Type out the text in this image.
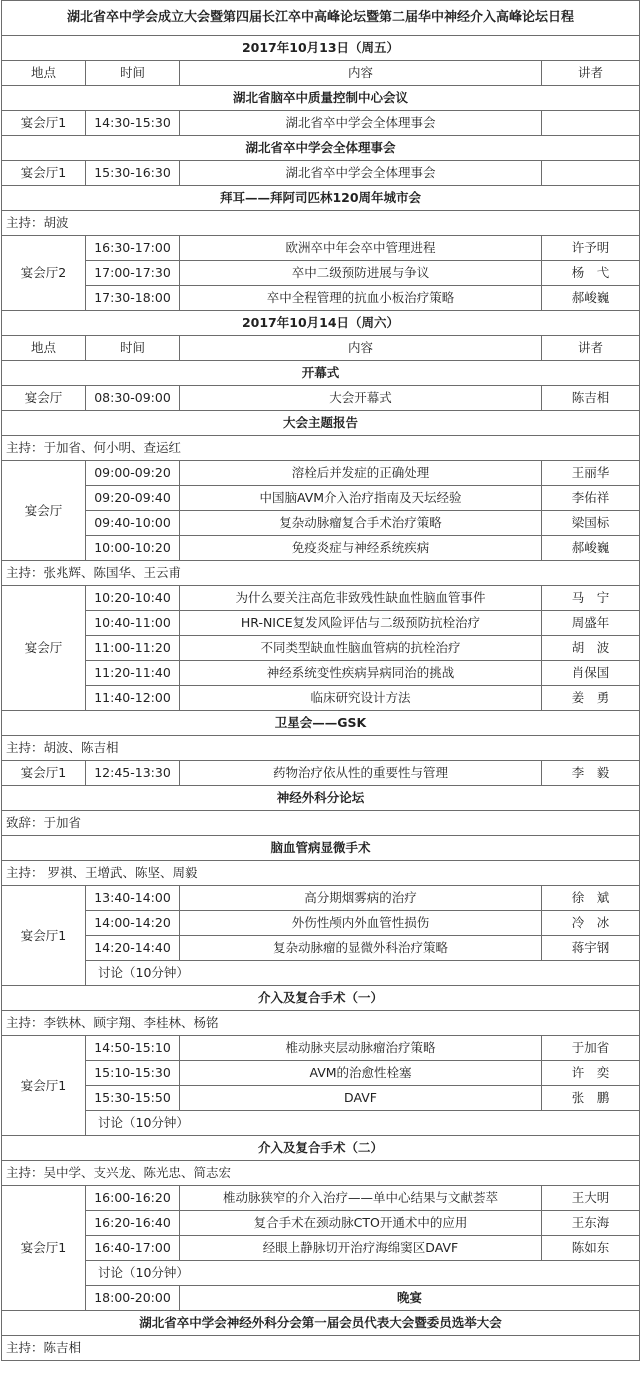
湖北省卒中学会成立大会暨第四届长江卒中高峰论坛暨第二届华中神经介入高峰论坛日程			
2017年10月13日（周五）			
地点	时间	内容	讲者
湖北省脑卒中质量控制中心会议			
宴会厅1	14:30-15:30	湖北省卒中学会全体理事会	
湖北省卒中学会全体理事会			
宴会厅1	15:30-16:30	湖北省卒中学会全体理事会	
拜耳——拜阿司匹林120周年城市会			
主持：胡波			
宴会厅2	16:30-17:00	欧洲卒中年会卒中管理进程	许予明
	17:00-17:30	卒中二级预防进展与争议	杨　弋
	17:30-18:00	卒中全程管理的抗血小板治疗策略	郝峻巍
2017年10月14日（周六）			
地点	时间	内容	讲者
开幕式			
宴会厅	08:30-09:00	大会开幕式	陈吉相
大会主题报告			
主持：于加省、何小明、查运红			
宴会厅	09:00-09:20	溶栓后并发症的正确处理	王丽华
	09:20-09:40	中国脑AVM介入治疗指南及天坛经验	李佑祥
	09:40-10:00	复杂动脉瘤复合手术治疗策略	梁国标
	10:00-10:20	免疫炎症与神经系统疾病	郝峻巍
主持：张兆辉、陈国华、王云甫			
宴会厅	10:20-10:40	为什么要关注高危非致残性缺血性脑血管事件	马　宁
	10:40-11:00	HR-NICE复发风险评估与二级预防抗栓治疗	周盛年
	11:00-11:20	不同类型缺血性脑血管病的抗栓治疗	胡　波
	11:20-11:40	神经系统变性疾病异病同治的挑战	肖保国
	11:40-12:00	临床研究设计方法	姜　勇
卫星会——GSK			
主持：胡波、陈吉相			
宴会厅1	12:45-13:30	药物治疗依从性的重要性与管理	李　毅
神经外科分论坛			
致辞：于加省			
脑血管病显微手术			
主持： 罗祺、王增武、陈坚、周毅			
宴会厅1	13:40-14:00	高分期烟雾病的治疗	徐　斌
	14:00-14:20	外伤性颅内外血管性损伤	冷　冰
	14:20-14:40	复杂动脉瘤的显微外科治疗策略	蒋宇钢
	讨论（10分钟）		
介入及复合手术（一）			
主持：李铁林、顾宇翔、李桂林、杨铭			
宴会厅1	14:50-15:10	椎动脉夹层动脉瘤治疗策略	于加省
	15:10-15:30	AVM的治愈性栓塞	许　奕
	15:30-15:50	DAVF	张　鹏
	讨论（10分钟）		
介入及复合手术（二）			
主持：吴中学、支兴龙、陈光忠、简志宏			
宴会厅1	16:00-16:20	椎动脉狭窄的介入治疗——单中心结果与文献荟萃	王大明
	16:20-16:40	复合手术在颈动脉CTO开通术中的应用	王东海
	16:40-17:00	经眼上静脉切开治疗海绵窦区DAVF	陈如东
	讨论（10分钟）		
	18:00-20:00	晚宴	
湖北省卒中学会神经外科分会第一届会员代表大会暨委员选举大会			
主持：陈吉相			
